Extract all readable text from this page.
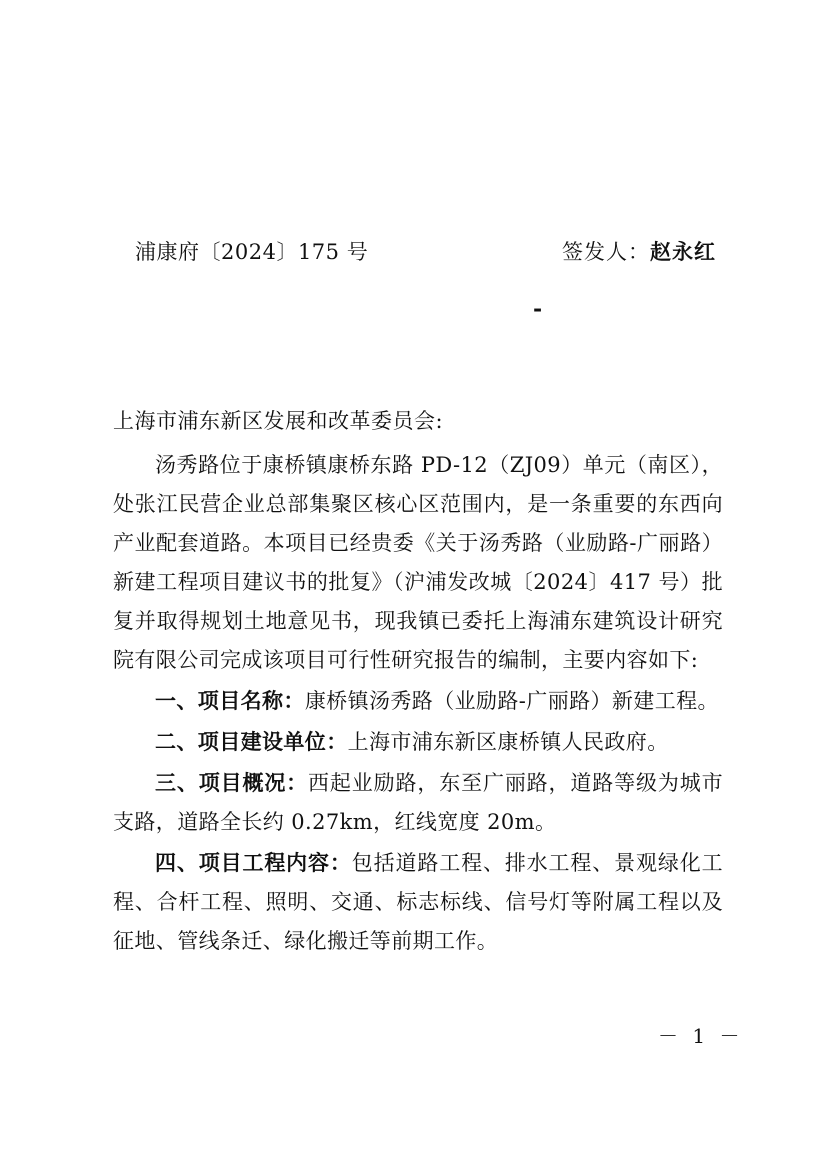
浦康府〔2024〕175 号	签发人：赵永红
-
上海市浦东新区发展和改革委员会:

汤秀路位于康桥镇康桥东路 PD-12（ZJ09）单元（南区），处张江民营企业总部集聚区核心区范围内，是一条重要的东西向产业配套道路。本项目已经贵委《关于汤秀路（业励路-广丽路）新建工程项目建议书的批复》（沪浦发改城〔2024〕417 号）批复并取得规划土地意见书，现我镇已委托上海浦东建筑设计研究院有限公司完成该项目可行性研究报告的编制，主要内容如下:

一、项目名称：康桥镇汤秀路（业励路-广丽路）新建工程。

二、项目建设单位：上海市浦东新区康桥镇人民政府。

三、项目概况：西起业励路，东至广丽路，道路等级为城市支路，道路全长约 0.27km，红线宽度 20m。

四、项目工程内容：包括道路工程、排水工程、景观绿化工程、合杆工程、照明、交通、标志标线、信号灯等附属工程以及征地、管线条迁、绿化搬迁等前期工作。

－ 1 －
